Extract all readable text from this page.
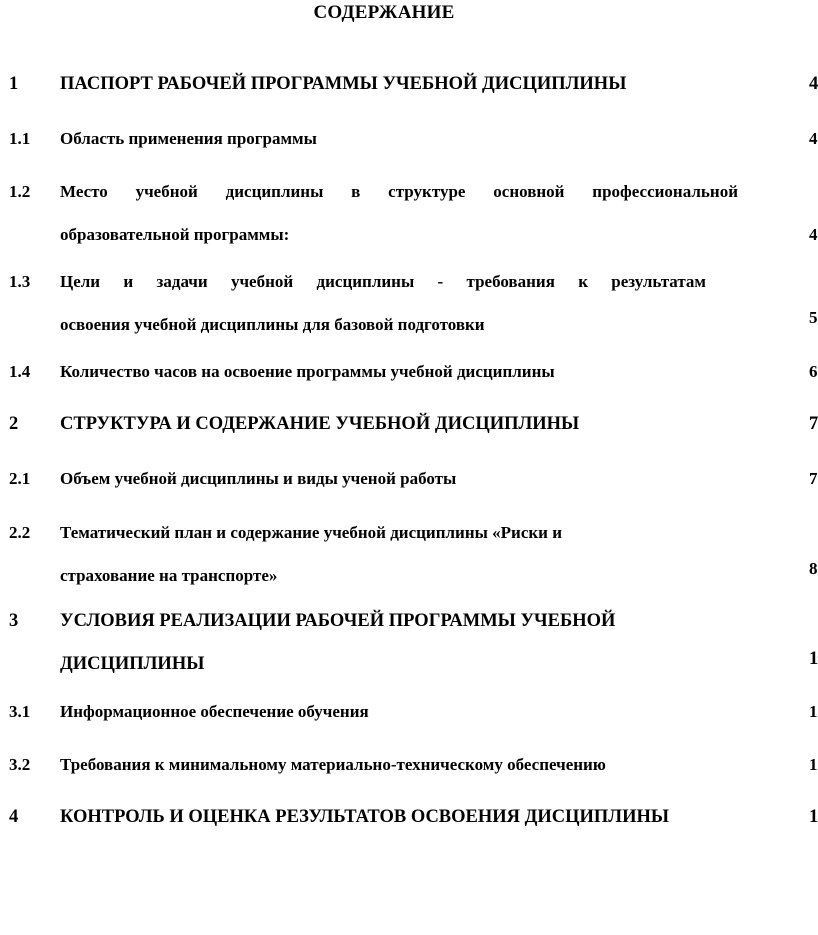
СОДЕРЖАНИЕ
1 ПАСПОРТ РАБОЧЕЙ ПРОГРАММЫ УЧЕБНОЙ ДИСЦИПЛИНЫ	4
1.1 Область применения программы	4
1.2 Место учебной дисциплины в структуре основной профессиональной
образовательной программы:	4
1.3 Цели и задачи учебной дисциплины - требования к результатам
освоения учебной дисциплины для базовой подготовки	5
1.4 Количество часов на освоение программы учебной дисциплины	6
2 СТРУКТУРА И СОДЕРЖАНИЕ УЧЕБНОЙ ДИСЦИПЛИНЫ	7
2.1 Объем учебной дисциплины и виды ученой работы	7
2.2 Тематический план и содержание учебной дисциплины «Риски и
страхование на транспорте»	8
3 УСЛОВИЯ РЕАЛИЗАЦИИ РАБОЧЕЙ ПРОГРАММЫ УЧЕБНОЙ
ДИСЦИПЛИНЫ	1
3.1 Информационное обеспечение обучения	1
3.2 Требования к минимальному материально-техническому обеспечению	1
4 КОНТРОЛЬ И ОЦЕНКА РЕЗУЛЬТАТОВ ОСВОЕНИЯ ДИСЦИПЛИНЫ	1
